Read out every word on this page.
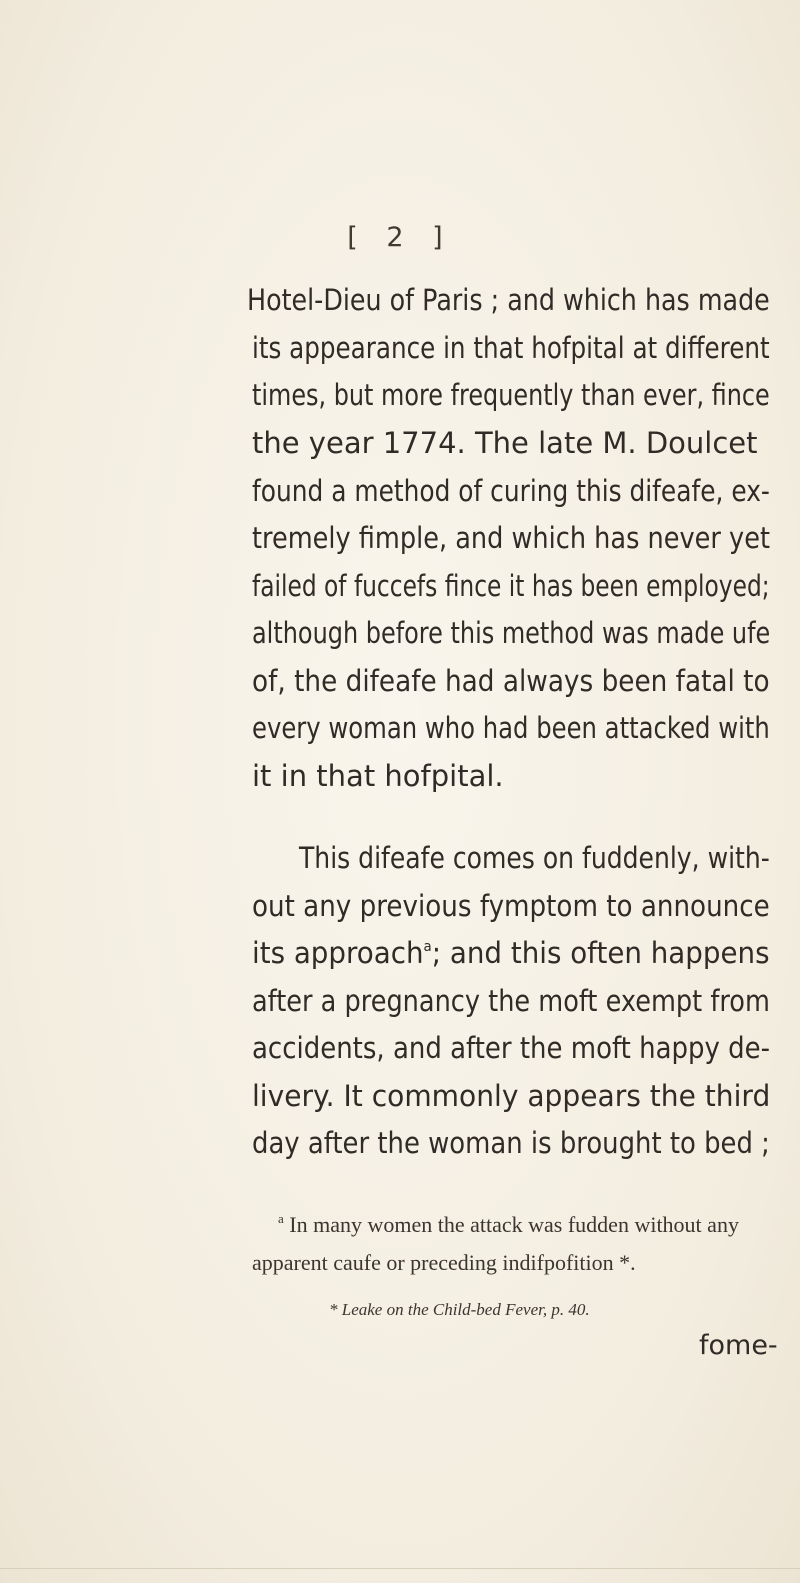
[ 2 ]
Hotel-Dieu of Paris ; and which has made
its appearance in that hofpital at different
times, but more frequently than ever, fince
the year 1774. The late M. Doulcet
found a method of curing this difeafe, ex-
tremely fimple, and which has never yet
failed of fuccefs fince it has been employed;
although before this method was made ufe
of, the difeafe had always been fatal to
every woman who had been attacked with
it in that hofpital.
This difeafe comes on fuddenly, with-
out any previous fymptom to announce
its approach$^a$; and this often happens
after a pregnancy the moft exempt from
accidents, and after the moft happy de-
livery. It commonly appears the third
day after the woman is brought to bed ;
$^a$ In many women the attack was fudden without any
apparent caufe or preceding indifpofition *.
* Leake on the Child-bed Fever, p. 40.
fome-
